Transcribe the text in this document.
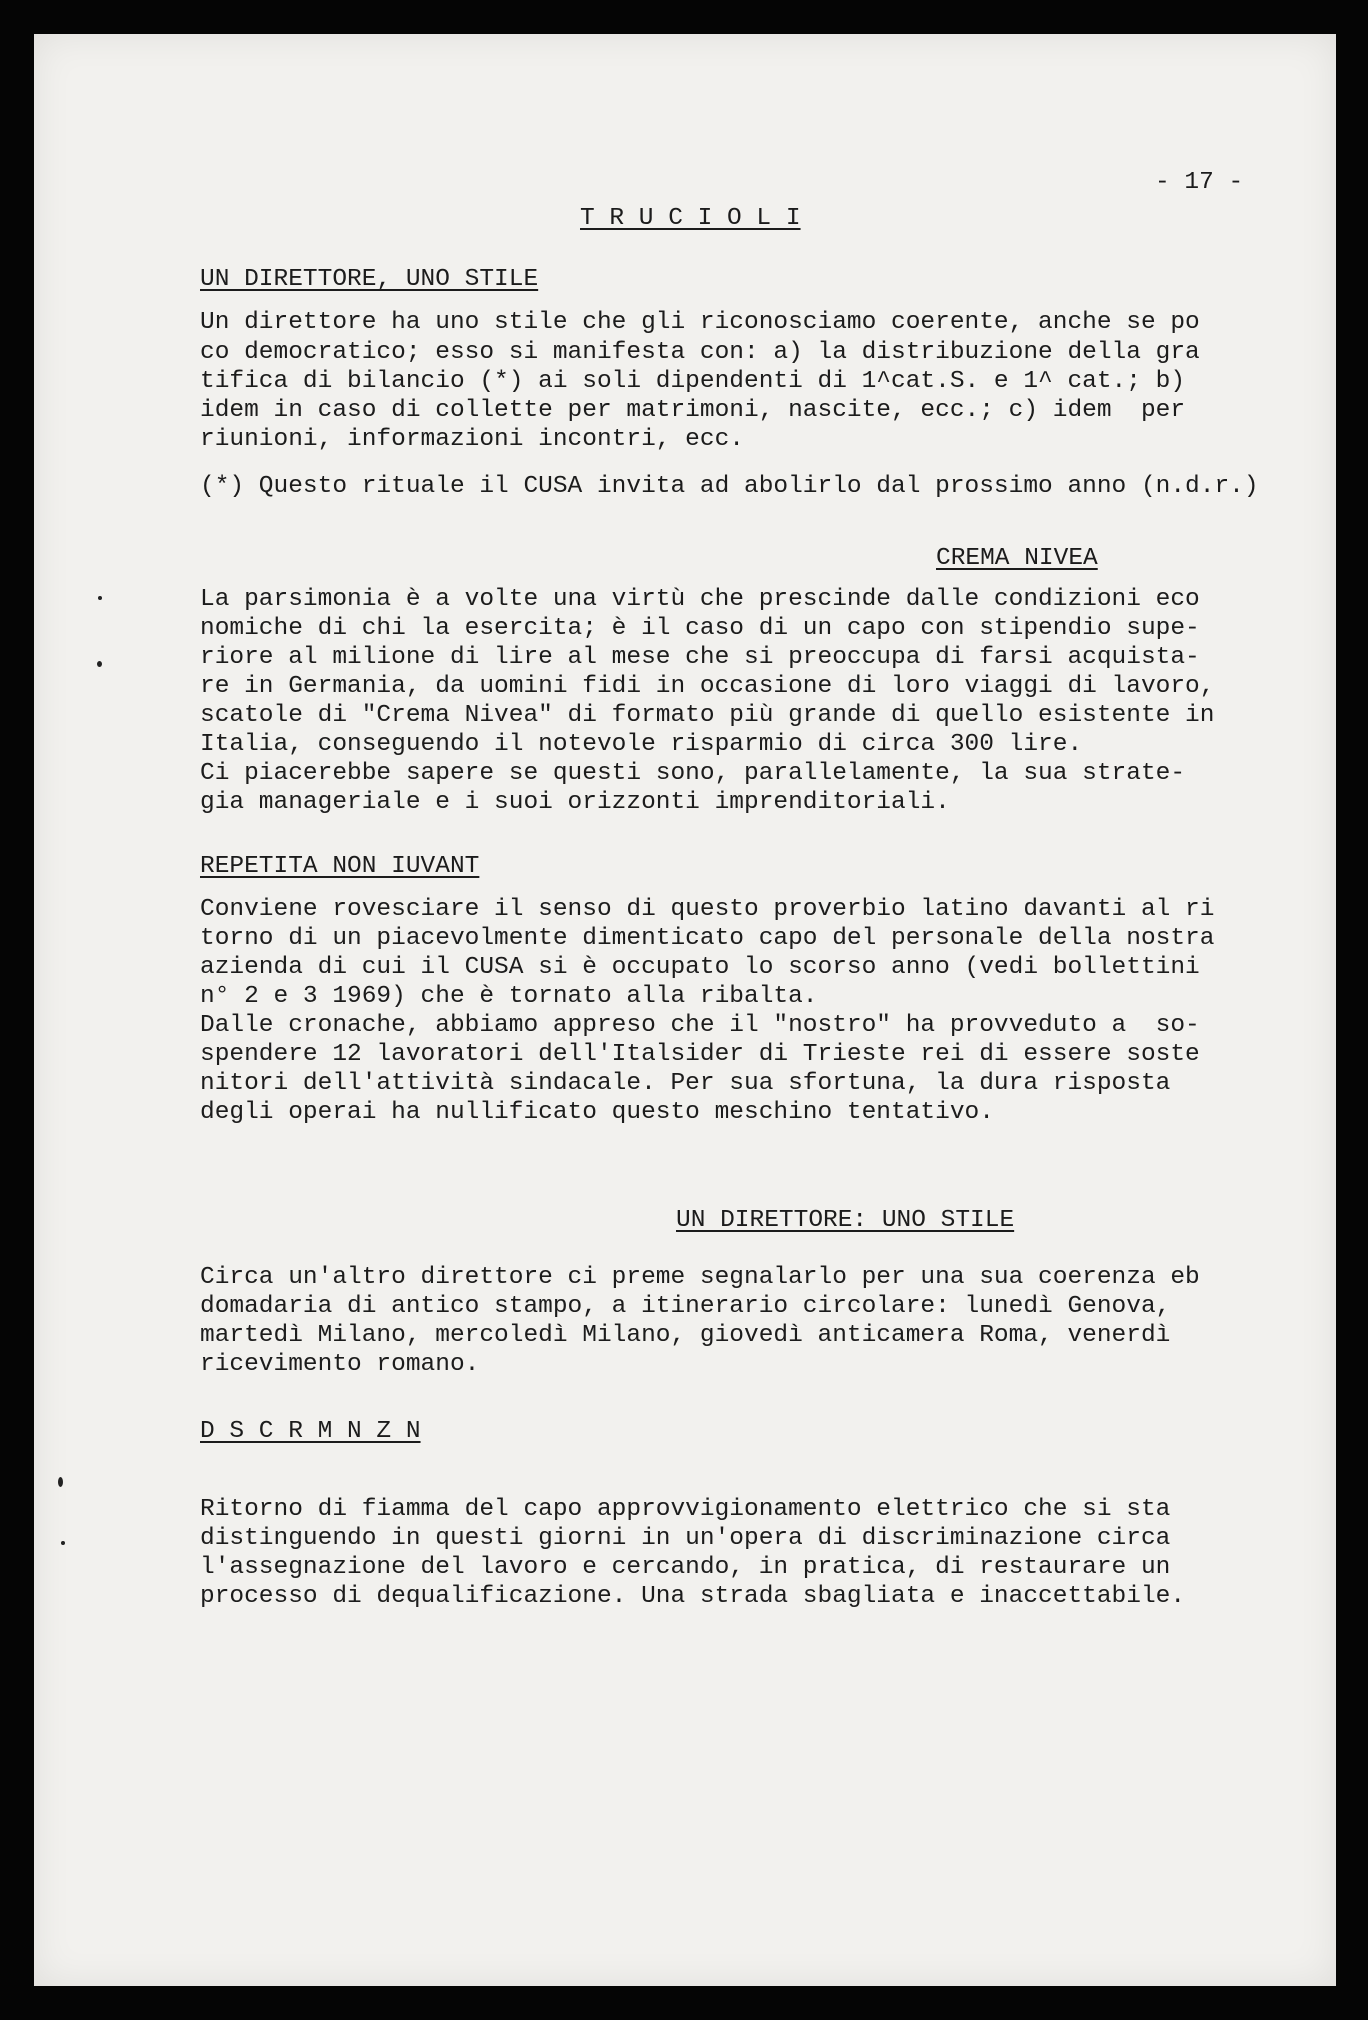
- 17 -

T R U C I O L I

UN DIRETTORE, UNO STILE

Un direttore ha uno stile che gli riconosciamo coerente, anche se po

co democratico; esso si manifesta con: a) la distribuzione della gra

tifica di bilancio (*) ai soli dipendenti di 1^cat.S. e 1^ cat.; b)

idem in caso di collette per matrimoni, nascite, ecc.; c) idem  per

riunioni, informazioni incontri, ecc.

(*) Questo rituale il CUSA invita ad abolirlo dal prossimo anno (n.d.r.)

CREMA NIVEA

La parsimonia è a volte una virtù che prescinde dalle condizioni eco

nomiche di chi la esercita; è il caso di un capo con stipendio supe-

riore al milione di lire al mese che si preoccupa di farsi acquista-

re in Germania, da uomini fidi in occasione di loro viaggi di lavoro,

scatole di "Crema Nivea" di formato più grande di quello esistente in

Italia, conseguendo il notevole risparmio di circa 300 lire.

Ci piacerebbe sapere se questi sono, parallelamente, la sua strate-

gia manageriale e i suoi orizzonti imprenditoriali.

REPETITA NON IUVANT

Conviene rovesciare il senso di questo proverbio latino davanti al ri

torno di un piacevolmente dimenticato capo del personale della nostra

azienda di cui il CUSA si è occupato lo scorso anno (vedi bollettini

n° 2 e 3 1969) che è tornato alla ribalta.

Dalle cronache, abbiamo appreso che il "nostro" ha provveduto a  so-

spendere 12 lavoratori dell'Italsider di Trieste rei di essere soste

nitori dell'attività sindacale. Per sua sfortuna, la dura risposta

degli operai ha nullificato questo meschino tentativo.

UN DIRETTORE: UNO STILE

Circa un'altro direttore ci preme segnalarlo per una sua coerenza eb

domadaria di antico stampo, a itinerario circolare: lunedì Genova,

martedì Milano, mercoledì Milano, giovedì anticamera Roma, venerdì

ricevimento romano.

D S C R M N Z N

Ritorno di fiamma del capo approvvigionamento elettrico che si sta

distinguendo in questi giorni in un'opera di discriminazione circa

l'assegnazione del lavoro e cercando, in pratica, di restaurare un

processo di dequalificazione. Una strada sbagliata e inaccettabile.
